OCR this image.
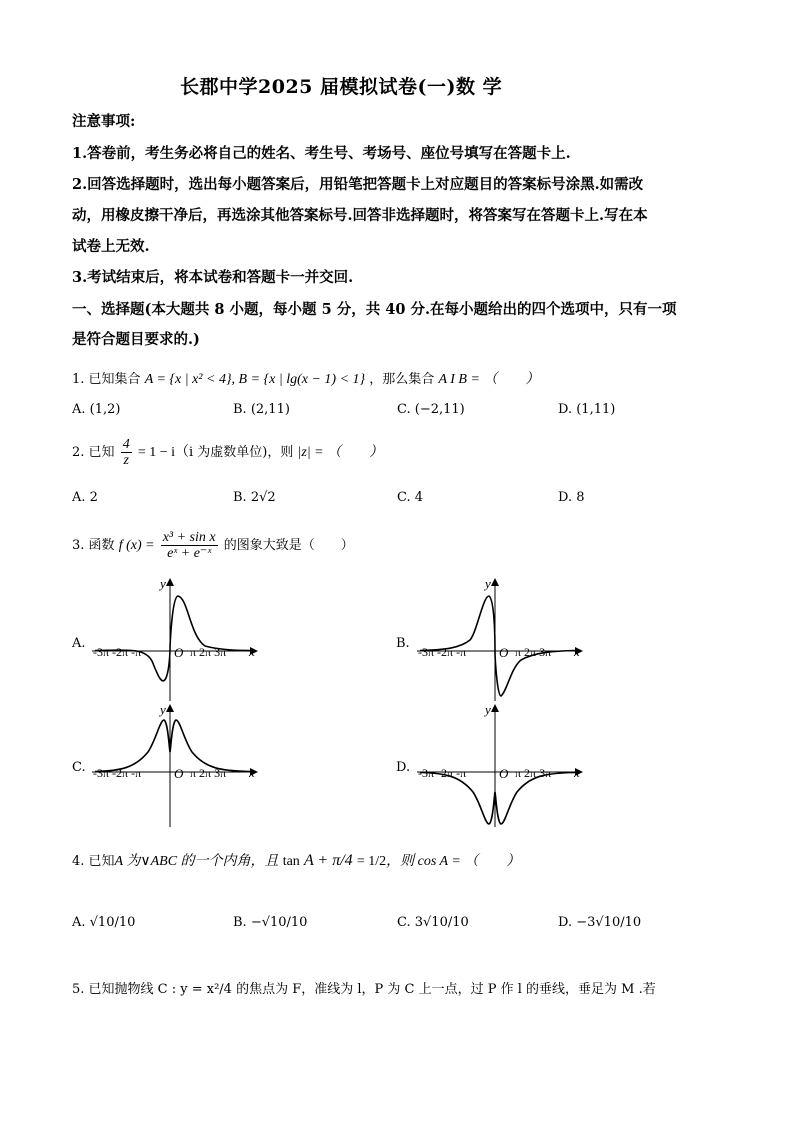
长郡中学2025 届模拟试卷(一)数 学
注意事项:
1.答卷前，考生务必将自己的姓名、考生号、考场号、座位号填写在答题卡上.
2.回答选择题时，选出每小题答案后，用铅笔把答题卡上对应题目的答案标号涂黑.如需改
动，用橡皮擦干净后，再选涂其他答案标号.回答非选择题时，将答案写在答题卡上.写在本
试卷上无效.
3.考试结束后，将本试卷和答题卡一并交回.
一、选择题(本大题共 8 小题，每小题 5 分，共 40 分.在每小题给出的四个选项中，只有一项
是符合题目要求的.)
1. 已知集合 A = {x | x² < 4}, B = {x | lg(x − 1) < 1} ，那么集合 A I B = （　　）
A. (1,2)	B. (2,11)	C. (−2,11)	D. (1,11)
2. 已知 $\frac{4}{z} = 1 - i(i$ 为虚数单位)，则 |z| = （　　）
A. 2	B. 2√2	C. 4	D. 8
3. 函数 f $(x) = \frac{\text{x³ + sin x}}{\text{eˣ + e⁻ˣ}}$ 的图象大致是（　　）
A.	B.
C.	D.
y
x
O
-3π -2π -π	π 2π 3π
y
x
O
-3π -2π -π	π 2π 3π
y
x
O
-3π -2π -π	π 2π 3π
y
x
O
-3π -2π -π	π 2π 3π
4. 已知A 为∨ABC 的一个内角，且 tan A + π/4 = 1/2，则 cos A = （　　）
A. √10/10	B. −√10/10	C. 3√10/10	D. −3√10/10
5. 已知抛物线 C : y = x²/4 的焦点为 F，准线为 l，P 为 C 上一点，过 P 作 l 的垂线，垂足为 M .若
